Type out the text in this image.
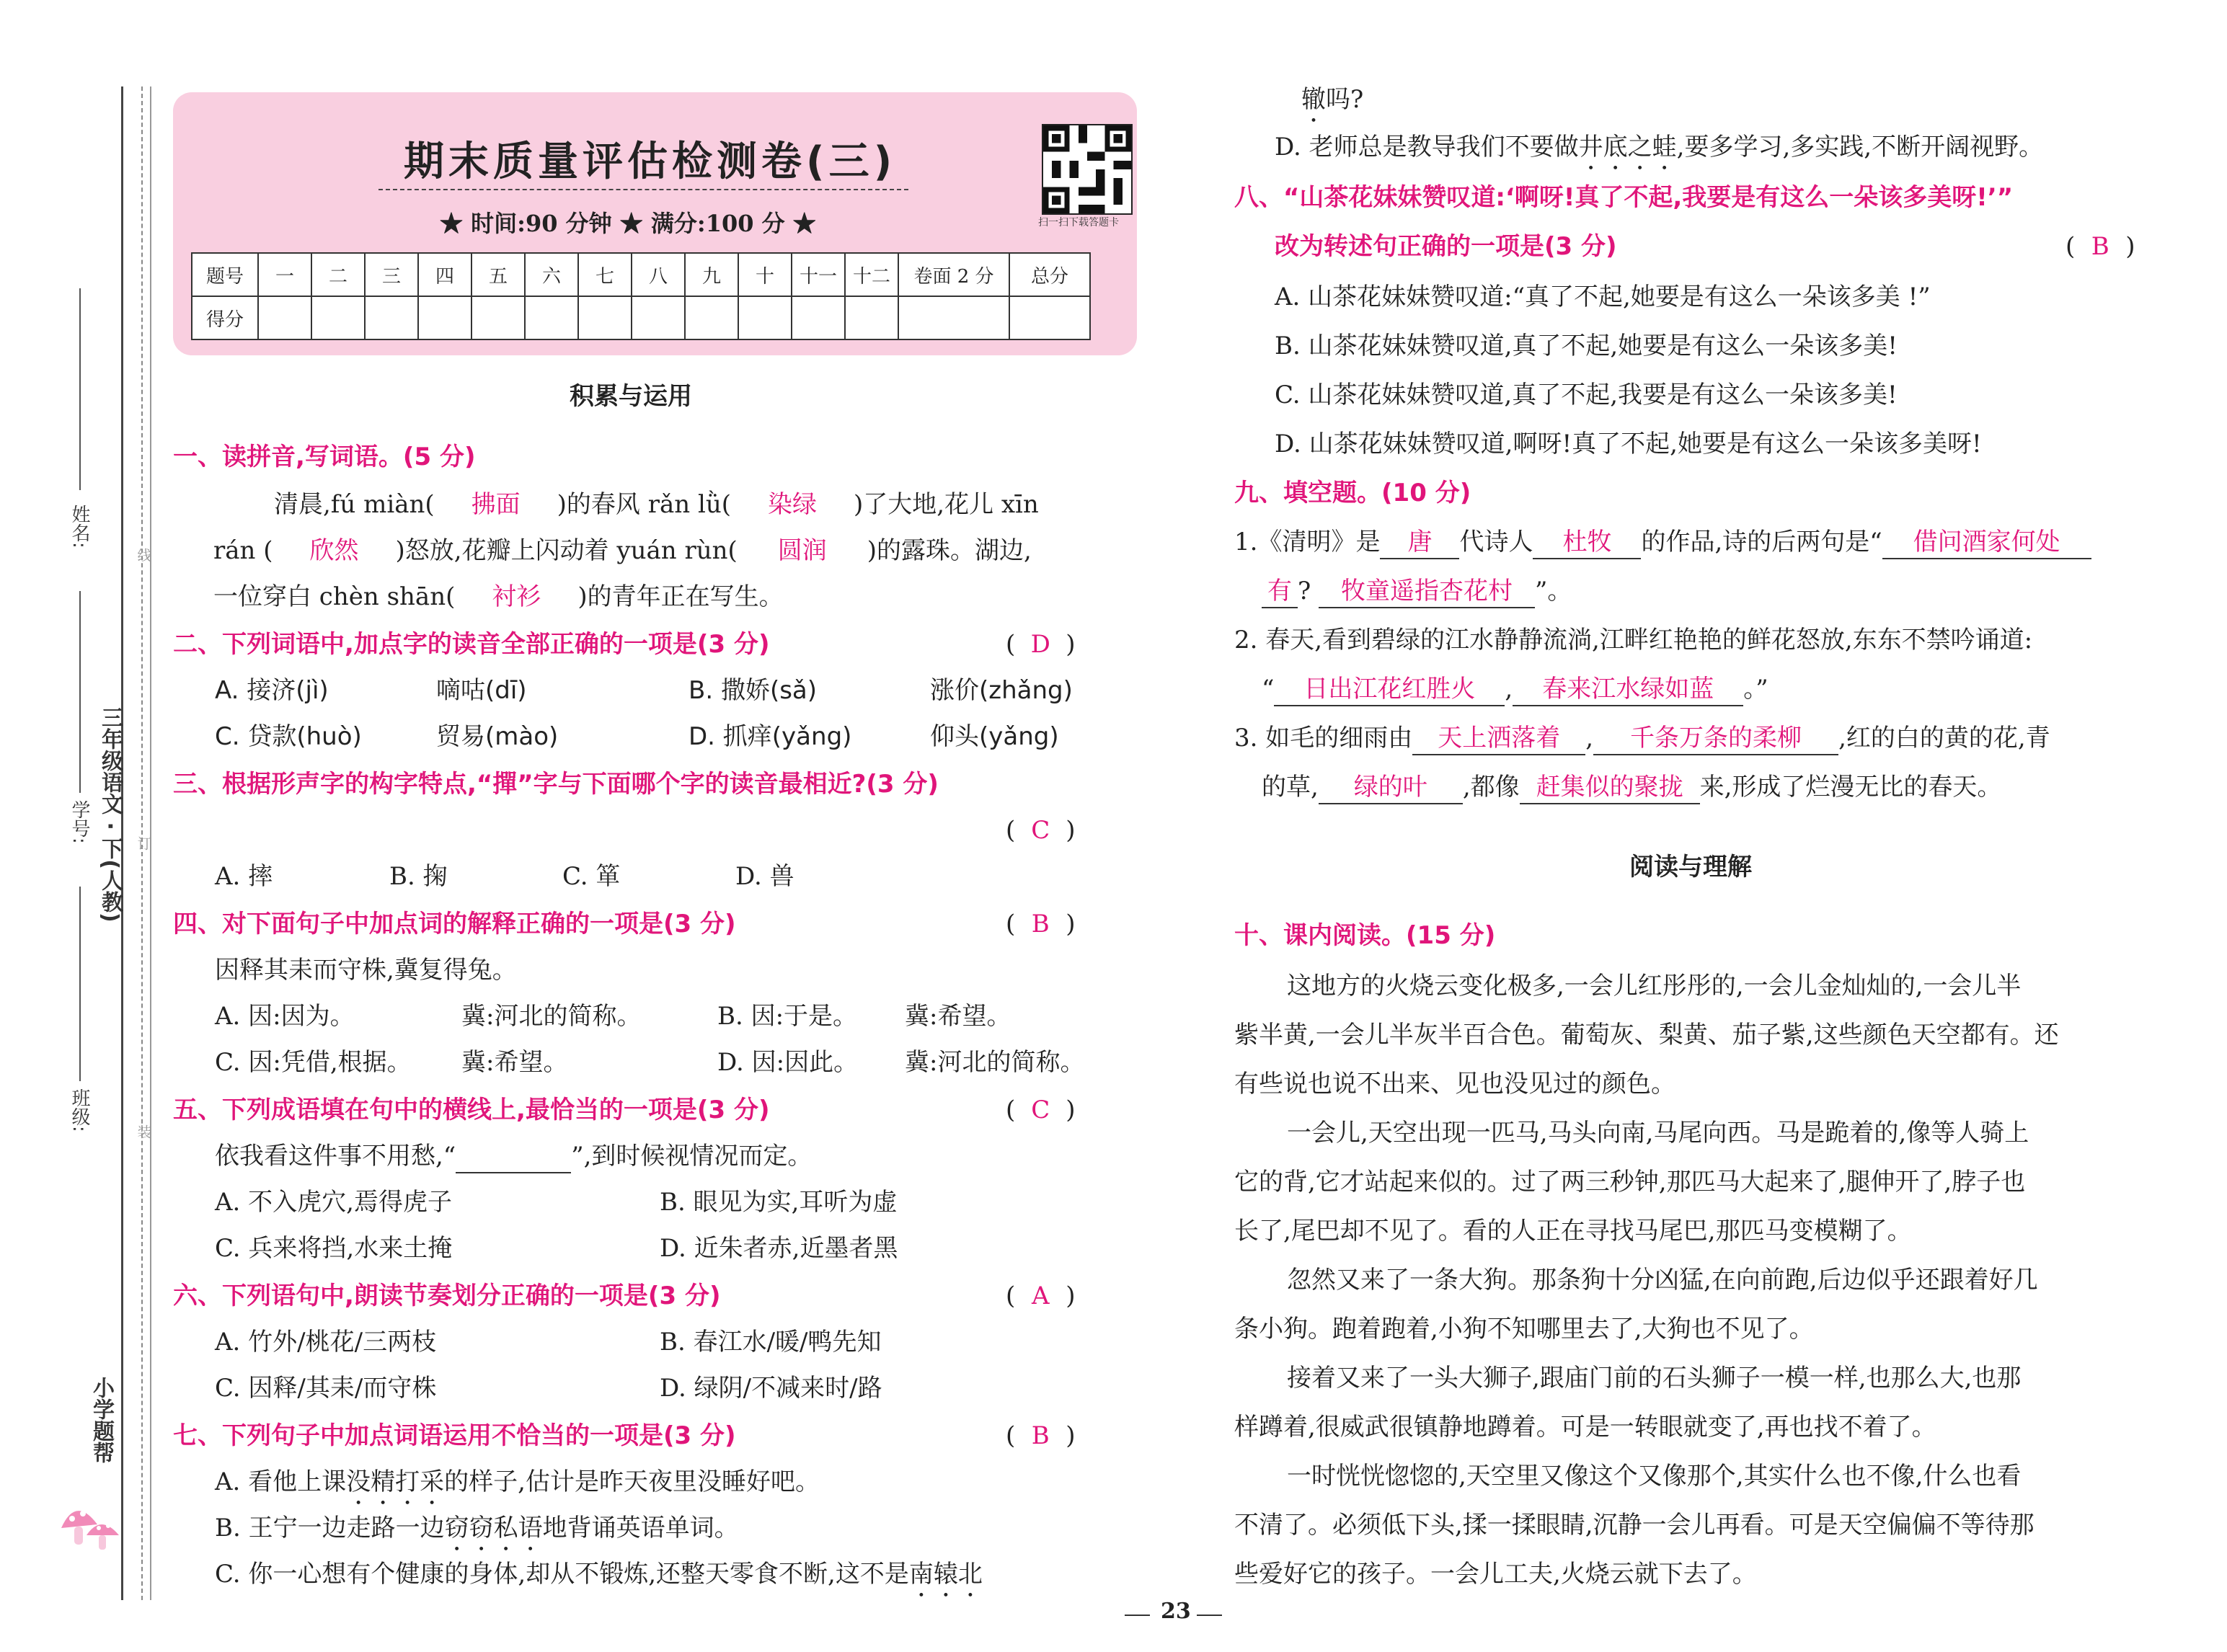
姓名:
学号: 三年级语文 · 下(人教)
班级:
线
订
装
小学题帮
期末质量评估检测卷(三)
★ 时间:90 分钟 ★ 满分:100 分 ★	扫一扫下载答题卡
题号	一	二	三	四	五	六	七	八	九	十	十一	十二	卷面 2 分	总分
得分														
积累与运用
一、读拼音,写词语。(5 分)
清晨,fú miàn( 拂面 )的春风 rǎn lǜ( 染绿 )了大地,花儿 xīn
rán ( 欣然 )怒放,花瓣上闪动着 yuán rùn( 圆润 )的露珠。湖边,
一位穿白 chèn shān( 衬衫 )的青年正在写生。
二、下列词语中,加点字的读音全部正确的一项是(3 分)	( D )
A. 接济(jì)	嘀咕(dī)	B. 撒娇(sǎ)	涨价(zhǎng)
C. 贷款(huò)	贸易(mào)	D. 抓痒(yǎng)	仰头(yǎng)
三、根据形声字的构字特点,“撣”字与下面哪个字的读音最相近?(3 分)
( C )
A. 摔	B. 掬	C. 箪	D. 兽
四、对下面句子中加点词的解释正确的一项是(3 分)	( B )
因释其耒而守株,冀复得兔。
A. 因:因为。	冀:河北的简称。	B. 因:于是。 冀:希望。
C. 因:凭借,根据。 冀:希望。	D. 因:因此。 冀:河北的简称。
五、下列成语填在句中的横线上,最恰当的一项是(3 分)	( C )
依我看这件事不用愁,“	”,到时候视情况而定。
A. 不入虎穴,焉得虎子	B. 眼见为实,耳听为虚
C. 兵来将挡,水来土掩	D. 近朱者赤,近墨者黑
六、下列语句中,朗读节奏划分正确的一项是(3 分)	( A )
A. 竹外/桃花/三两枝	B. 春江水/暖/鸭先知
C. 因释/其耒/而守株	D. 绿阴/不减来时/路
七、下列句子中加点词语运用不恰当的一项是(3 分)	( B )
A. 看他上课没精打采的样子,估计是昨天夜里没睡好吧。
B. 王宁一边走路一边窃窃私语地背诵英语单词。
C. 你一心想有个健康的身体,却从不锻炼,还整天零食不断,这不是南辕北
辙吗?
D. 老师总是教导我们不要做井底之蛙,要多学习,多实践,不断开阔视野。
八、“山茶花妹妹赞叹道:‘啊呀!真了不起,我要是有这么一朵该多美呀!’”
改为转述句正确的一项是(3 分)	( B )
A. 山茶花妹妹赞叹道:“真了不起,她要是有这么一朵该多美 !”
B. 山茶花妹妹赞叹道,真了不起,她要是有这么一朵该多美!
C. 山茶花妹妹赞叹道,真了不起,我要是有这么一朵该多美!
D. 山茶花妹妹赞叹道,啊呀!真了不起,她要是有这么一朵该多美呀!
九、填空题。(10 分)
1.《清明》是 唐 代诗人 杜牧 的作品,诗的后两句是“ 借问酒家何处
有 ? 牧童遥指杏花村 ”。
2. 春天,看到碧绿的江水静静流淌,江畔红艳艳的鲜花怒放,东东不禁吟诵道:
“ 日出江花红胜火 , 春来江水绿如蓝 。”
3. 如毛的细雨由 天上洒落着 , 千条万条的柔柳 ,红的白的黄的花,青
的草, 绿的叶 ,都像 赶集似的聚拢 来,形成了烂漫无比的春天。
阅读与理解
十、课内阅读。(15 分)
这地方的火烧云变化极多,一会儿红彤彤的,一会儿金灿灿的,一会儿半
紫半黄,一会儿半灰半百合色。葡萄灰、梨黄、茄子紫,这些颜色天空都有。还
有些说也说不出来、见也没见过的颜色。
一会儿,天空出现一匹马,马头向南,马尾向西。马是跪着的,像等人骑上
它的背,它才站起来似的。过了两三秒钟,那匹马大起来了,腿伸开了,脖子也
长了,尾巴却不见了。看的人正在寻找马尾巴,那匹马变模糊了。
忽然又来了一条大狗。那条狗十分凶猛,在向前跑,后边似乎还跟着好几
条小狗。跑着跑着,小狗不知哪里去了,大狗也不见了。
接着又来了一头大狮子,跟庙门前的石头狮子一模一样,也那么大,也那
样蹲着,很威武很镇静地蹲着。可是一转眼就变了,再也找不着了。
一时恍恍惚惚的,天空里又像这个又像那个,其实什么也不像,什么也看
不清了。必须低下头,揉一揉眼睛,沉静一会儿再看。可是天空偏偏不等待那
些爱好它的孩子。一会儿工夫,火烧云就下去了。
23
